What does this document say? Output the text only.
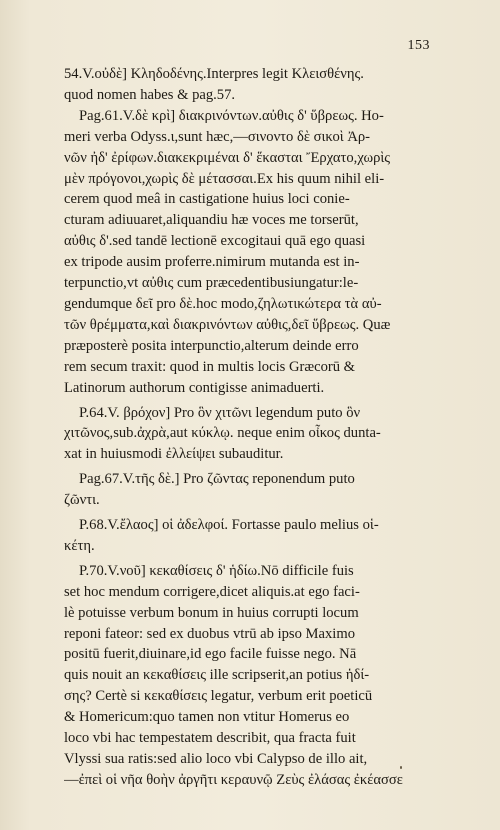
153
54.V.οὐδὲ] Κληδοδένης.Interpres legit Κλεισθένης.
quod nomen habes & pag.57.
Pag.61.V.δὲ κρὶ] διακρινόντων.αὐθις δ' ὕβρεως. Ho-
meri verba Odyss.ι,sunt hæc,—σινοντο δὲ σικοὶ Ἀρ-
νῶν ἠδ' ἐρίφων.διακεκριμέναι δ' ἕκασται Ἔρχατο,χωρὶς
μὲν πρόγονοι,χωρὶς δὲ μέτασσαι.Ex his quum nihil eli-
cerem quod meâ in castigatione huius loci conie-
cturam adiuuaret,aliquandiu hæ voces me torserūt,
αὐθις δ'.sed tandē lectionē excogitaui quā ego quasi
ex tripode ausim proferre.nimirum mutanda est in-
terpunctio,vt αὐθις cum præcedentibusiungatur:le-
gendumque δεῖ pro δὲ.hoc modo,ζηλωτικώτερα τὰ αὐ-
τῶν θρέμματα,καὶ διακρινόντων αὐθις,δεῖ ὕβρεως. Quæ
præposterè posita interpunctio,alterum deinde erro
rem secum traxit: quod in multis locis Græcorū &
Latinorum authorum contigisse animaduerti.
P.64.V. βρόχον] Pro ὃν χιτῶνι legendum puto ὃν
χιτῶνος,sub.ἀχρὰ,aut κύκλῳ. neque enim οἶκος dunta-
xat in huiusmodi ἐλλείψει subauditur.
Pag.67.V.τῆς δὲ.] Pro ζῶντας reponendum puto
ζῶντι.
P.68.V.ἔλαος] οἱ ἀδελφοί. Fortasse paulo melius οἱ-
κέτη.
P.70.V.νοῦ] κεκαθίσεις δ' ἡδίω.Nō difficile fuis
set hoc mendum corrigere,dicet aliquis.at ego faci-
lè potuisse verbum bonum in huius corrupti locum
reponi fateor: sed ex duobus vtrū ab ipso Maximo
positū fuerit,diuinare,id ego facile fuisse nego. Nā
quis nouit an κεκαθίσεις ille scripserit,an potius ἡδί-
σης? Certè si κεκαθίσεις legatur, verbum erit poeticū
& Homericum:quo tamen non vtitur Homerus eo
loco vbi hac tempestatem describit, qua fracta fuit
Vlyssi sua ratis:sed alio loco vbi Calypso de illo ait,
—ἐπεὶ οἱ νῆα θοὴν ἀργῆτι κεραυνῷ Ζεὺς ἐλάσας ἐκέασσε
